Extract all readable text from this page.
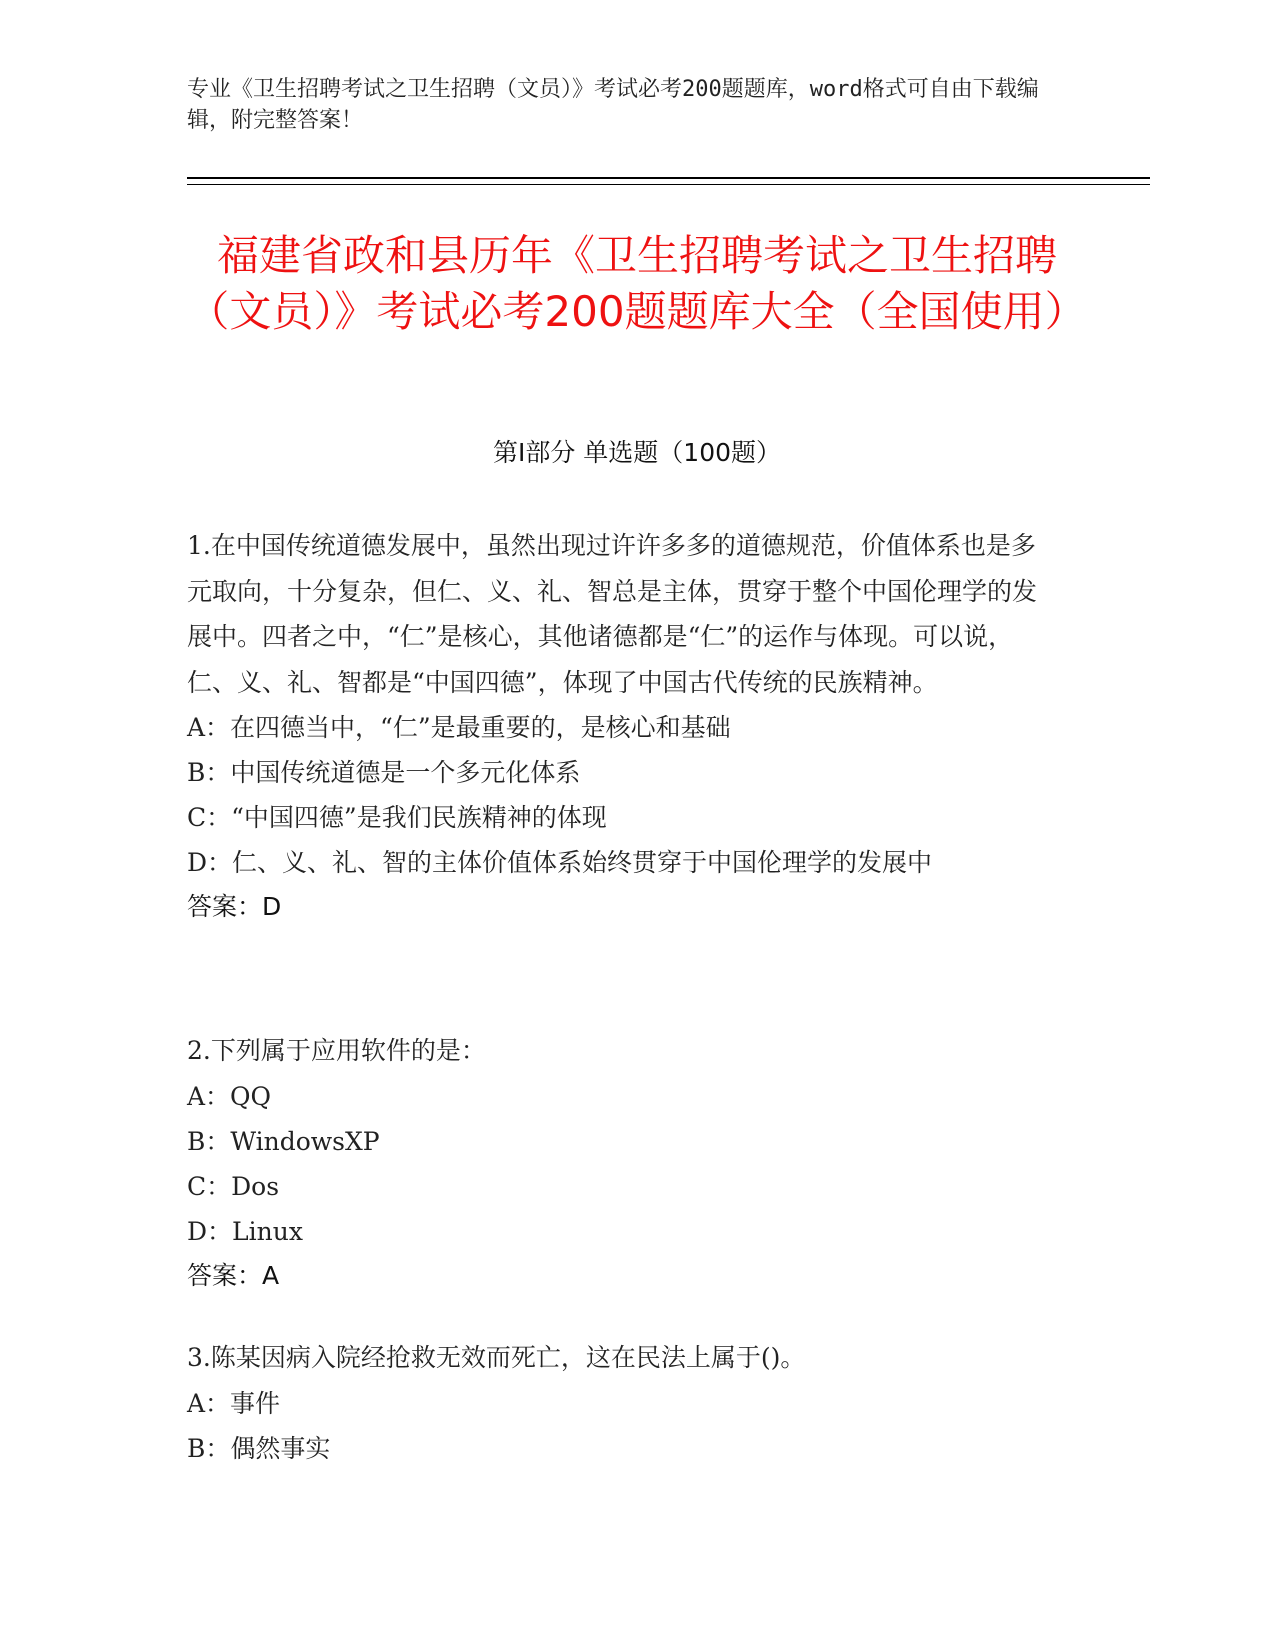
专业《卫生招聘考试之卫生招聘（文员）》考试必考200题题库，word格式可自由下载编辑，附完整答案！
福建省政和县历年《卫生招聘考试之卫生招聘（文员）》考试必考200题题库大全（全国使用）
第Ⅰ部分 单选题（100题）

1.在中国传统道德发展中，虽然出现过许许多多的道德规范，价值体系也是多元取向，十分复杂，但仁、义、礼、智总是主体，贯穿于整个中国伦理学的发展中。四者之中，“仁”是核心，其他诸德都是“仁”的运作与体现。可以说，仁、义、礼、智都是“中国四德”，体现了中国古代传统的民族精神。

A：在四德当中，“仁”是最重要的，是核心和基础

B：中国传统道德是一个多元化体系

C：“中国四德”是我们民族精神的体现

D：仁、义、礼、智的主体价值体系始终贯穿于中国伦理学的发展中

答案：D

2.下列属于应用软件的是：

A：QQ

B：WindowsXP

C：Dos

D：Linux

答案：A

3.陈某因病入院经抢救无效而死亡，这在民法上属于()。

A：事件

B：偶然事实
